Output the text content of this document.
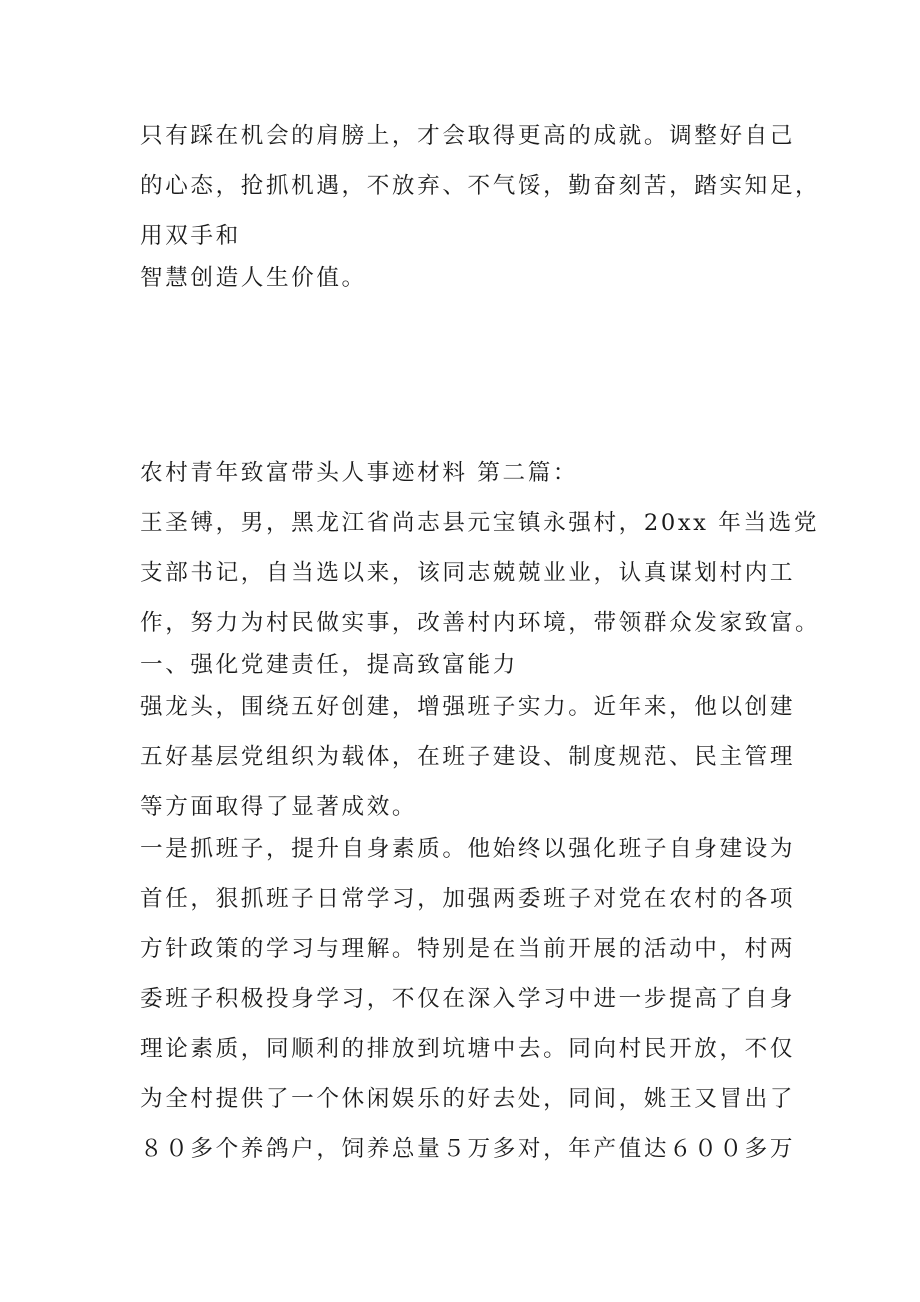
只有踩在机会的肩膀上，才会取得更高的成就。调整好自己
的心态，抢抓机遇，不放弃、不气馁，勤奋刻苦，踏实知足，
用双手和
智慧创造人生价值。
农村青年致富带头人事迹材料 第二篇：
王圣镈，男，黑龙江省尚志县元宝镇永强村，20xx 年当选党
支部书记，自当选以来，该同志兢兢业业，认真谋划村内工
作，努力为村民做实事，改善村内环境，带领群众发家致富。
一、强化党建责任，提高致富能力
强龙头，围绕五好创建，增强班子实力。近年来，他以创建
五好基层党组织为载体，在班子建设、制度规范、民主管理
等方面取得了显著成效。
一是抓班子，提升自身素质。他始终以强化班子自身建设为
首任，狠抓班子日常学习，加强两委班子对党在农村的各项
方针政策的学习与理解。特别是在当前开展的活动中，村两
委班子积极投身学习，不仅在深入学习中进一步提高了自身
理论素质，同顺利的排放到坑塘中去。同向村民开放，不仅
为全村提供了一个休闲娱乐的好去处，同间，姚王又冒出了
８０多个养鸽户，饲养总量５万多对，年产值达６００多万
